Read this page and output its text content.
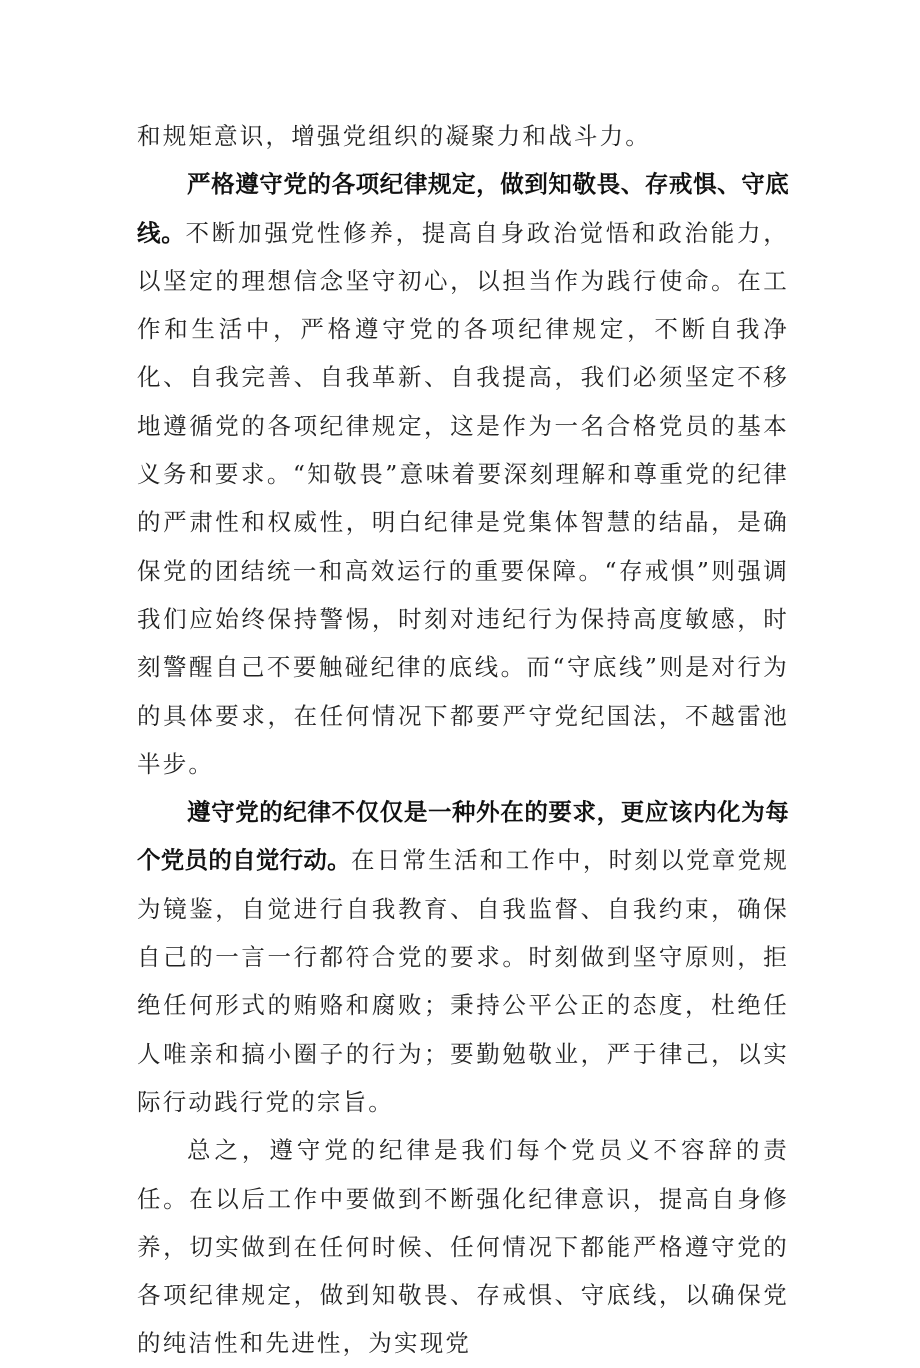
和规矩意识，增强党组织的凝聚力和战斗力。

严格遵守党的各项纪律规定，做到知敬畏、存戒惧、守底线。不断加强党性修养，提高自身政治觉悟和政治能力，以坚定的理想信念坚守初心，以担当作为践行使命。在工作和生活中，严格遵守党的各项纪律规定，不断自我净化、自我完善、自我革新、自我提高，我们必须坚定不移地遵循党的各项纪律规定，这是作为一名合格党员的基本义务和要求。“知敬畏”意味着要深刻理解和尊重党的纪律的严肃性和权威性，明白纪律是党集体智慧的结晶，是确保党的团结统一和高效运行的重要保障。“存戒惧”则强调我们应始终保持警惕，时刻对违纪行为保持高度敏感，时刻警醒自己不要触碰纪律的底线。而“守底线”则是对行为的具体要求，在任何情况下都要严守党纪国法，不越雷池半步。

遵守党的纪律不仅仅是一种外在的要求，更应该内化为每个党员的自觉行动。在日常生活和工作中，时刻以党章党规为镜鉴，自觉进行自我教育、自我监督、自我约束，确保自己的一言一行都符合党的要求。时刻做到坚守原则，拒绝任何形式的贿赂和腐败；秉持公平公正的态度，杜绝任人唯亲和搞小圈子的行为；要勤勉敬业，严于律己，以实际行动践行党的宗旨。

总之，遵守党的纪律是我们每个党员义不容辞的责任。在以后工作中要做到不断强化纪律意识，提高自身修养，切实做到在任何时候、任何情况下都能严格遵守党的各项纪律规定，做到知敬畏、存戒惧、守底线，以确保党的纯洁性和先进性，为实现党
